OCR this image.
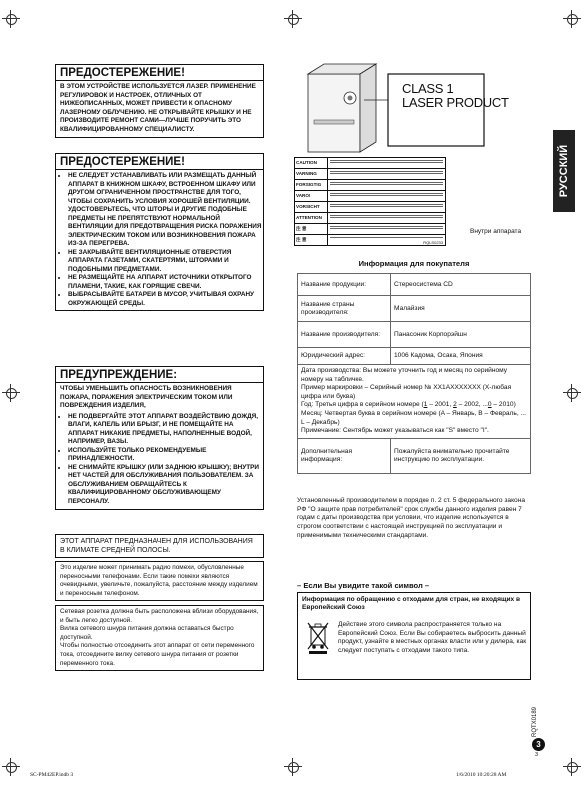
ПРЕДОСТЕРЕЖЕНИЕ!
В ЭТОМ УСТРОЙСТВЕ ИСПОЛЬЗУЕТСЯ ЛАЗЕР. ПРИМЕНЕНИЕ РЕГУЛИРОВОК И НАСТРОЕК, ОТЛИЧНЫХ ОТ НИЖЕОПИСАННЫХ, МОЖЕТ ПРИВЕСТИ К ОПАСНОМУ ЛАЗЕРНОМУ ОБЛУЧЕНИЮ. НЕ ОТКРЫВАЙТЕ КРЫШКУ И НЕ ПРОИЗВОДИТЕ РЕМОНТ САМИ—ЛУЧШЕ ПОРУЧИТЬ ЭТО КВАЛИФИЦИРОВАННОМУ СПЕЦИАЛИСТУ.
ПРЕДОСТЕРЕЖЕНИЕ!
• НЕ СЛЕДУЕТ УСТАНАВЛИВАТЬ ИЛИ РАЗМЕЩАТЬ ДАННЫЙ АППАРАТ В КНИЖНОМ ШКАФУ, ВСТРОЕННОМ ШКАФУ ИЛИ ДРУГОМ ОГРАНИЧЕННОМ ПРОСТРАНСТВЕ ДЛЯ ТОГО, ЧТОБЫ СОХРАНИТЬ УСЛОВИЯ ХОРОШЕЙ ВЕНТИЛЯЦИИ. УДОСТОВЕРЬТЕСЬ, ЧТО ШТОРЫ И ДРУГИЕ ПОДОБНЫЕ ПРЕДМЕТЫ НЕ ПРЕПЯТСТВУЮТ НОРМАЛЬНОЙ ВЕНТИЛЯЦИИ ДЛЯ ПРЕДОТВРАЩЕНИЯ РИСКА ПОРАЖЕНИЯ ЭЛЕКТРИЧЕСКИМ ТОКОМ ИЛИ ВОЗНИКНОВЕНИЯ ПОЖАРА ИЗ-ЗА ПЕРЕГРЕВА.
• НЕ ЗАКРЫВАЙТЕ ВЕНТИЛЯЦИОННЫЕ ОТВЕРСТИЯ АППАРАТА ГАЗЕТАМИ, СКАТЕРТЯМИ, ШТОРАМИ И ПОДОБНЫМИ ПРЕДМЕТАМИ.
• НЕ РАЗМЕЩАЙТЕ НА АППАРАТ ИСТОЧНИКИ ОТКРЫТОГО ПЛАМЕНИ, ТАКИЕ, КАК ГОРЯЩИЕ СВЕЧИ.
• ВЫБРАСЫВАЙТЕ БАТАРЕИ В МУСОР, УЧИТЫВАЯ ОХРАНУ ОКРУЖАЮЩЕЙ СРЕДЫ.
ПРЕДУПРЕЖДЕНИЕ:
ЧТОБЫ УМЕНЬШИТЬ ОПАСНОСТЬ ВОЗНИКНОВЕНИЯ ПОЖАРА, ПОРАЖЕНИЯ ЭЛЕКТРИЧЕСКИМ ТОКОМ ИЛИ ПОВРЕЖДЕНИЯ ИЗДЕЛИЯ,
• НЕ ПОДВЕРГАЙТЕ ЭТОТ АППАРАТ ВОЗДЕЙСТВИЮ ДОЖДЯ, ВЛАГИ, КАПЕЛЬ ИЛИ БРЫЗГ, И НЕ ПОМЕЩАЙТЕ НА АППАРАТ НИКАКИЕ ПРЕДМЕТЫ, НАПОЛНЕННЫЕ ВОДОЙ, НАПРИМЕР, ВАЗЫ.
• ИСПОЛЬЗУЙТЕ ТОЛЬКО РЕКОМЕНДУЕМЫЕ ПРИНАДЛЕЖНОСТИ.
• НЕ СНИМАЙТЕ КРЫШКУ (ИЛИ ЗАДНЮЮ КРЫШКУ); ВНУТРИ НЕТ ЧАСТЕЙ ДЛЯ ОБСЛУЖИВАНИЯ ПОЛЬЗОВАТЕЛЕМ. ЗА ОБСЛУЖИВАНИЕМ ОБРАЩАЙТЕСЬ К КВАЛИФИЦИРОВАННОМУ ОБСЛУЖИВАЮЩЕМУ ПЕРСОНАЛУ.

ЭТОТ АППАРАТ ПРЕДНАЗНАЧЕН ДЛЯ ИСПОЛЬЗОВАНИЯ В КЛИМАТЕ СРЕДНЕЙ ПОЛОСЫ.

Это изделие может принимать радио помехи, обусловленные переносными телефонами. Если такие помехи являются очевидными, увеличьте, пожалуйста, расстояние между изделием и переносным телефоном.

Сетевая розетка должна быть расположена вблизи оборудования, и быть легко доступной.

Вилка сетевого шнура питания должна оставаться быстро доступной.

Чтобы полностью отсоединить этот аппарат от сети переменного тока, отсоедините вилку сетевого шнура питания от розетки переменного тока.

CLASS 1
LASER PRODUCT
CAUTION
VARNING
FORSIGTIG
VARO!
VORSICHT
ATTENTION
注 意
注 意
RQLS0233
Внутри аппарата
РУССКИЙ
Информация для покупателя
Название продукции:	Стереосистема CD
Название страны производителя:	Малайзия
Название производителя:	Панасоник Корпорэйшн
Юридический адрес:	1006 Кадома, Осака, Япония

Дата производства: Вы можете уточнить год и месяц по серийному номеру на табличке.
Пример маркировки – Серийный номер № XX1AXXXXXXX (X-любая цифра или буква)
Год: Третья цифра в серийном номере (1 – 2001, 2 – 2002, ...0 – 2010)
Месяц: Четвертая буква в серийном номере (A – Январь, B – Февраль, ... L – Декабрь)
Примечание: Сентябрь может указываться как "S" вместо "I".	

Дополнительная информация:	Пожалуйста внимательно прочитайте инструкцию по эксплуатации.
Установленный производителем в порядке п. 2 ст. 5 федерального закона РФ "О защите прав потребителей" срок службы данного изделия равен 7 годам с даты производства при условии, что изделие используется в строгом соответствии с настоящей инструкцией по эксплуатации и применимыми техническими стандартами.
– Если Вы увидите такой символ –
Информация по обращению с отходами для стран, не входящих в Европейский Союз
Действие этого символа распространяется только на Европейский Союз. Если Вы собираетесь выбросить данный продукт, узнайте в местных органах власти или у дилера, как следует поступать с отходами такого типа.
RQTX0189
3
3
SC-PM42EP.indb 3	1/6/2010 10:20:28 AM
